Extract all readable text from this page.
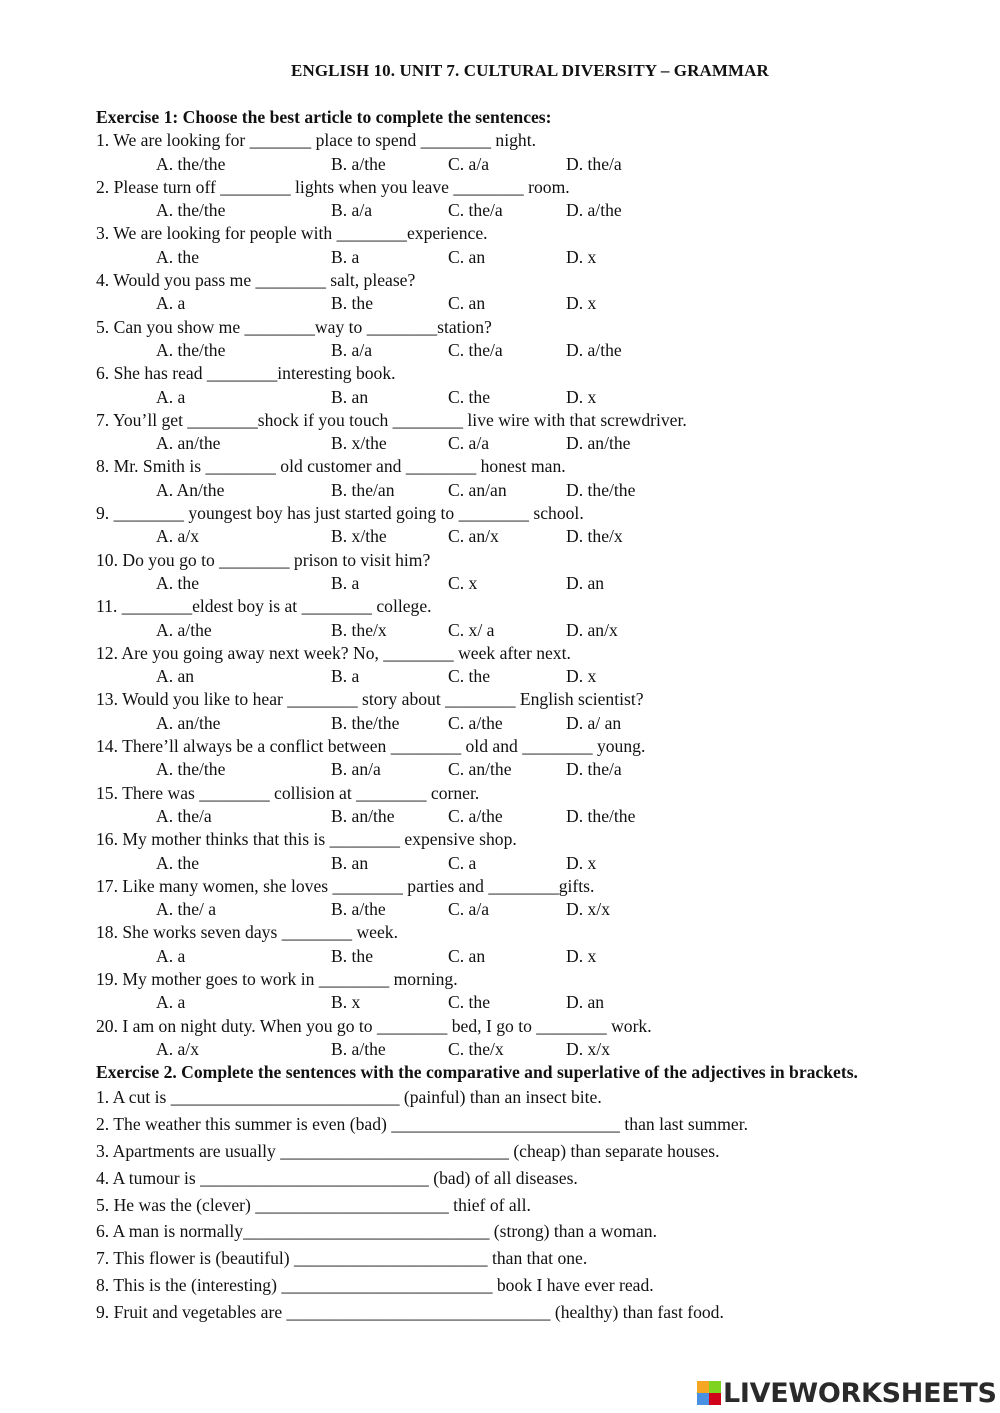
ENGLISH 10. UNIT 7. CULTURAL DIVERSITY – GRAMMAR
Exercise 1: Choose the best article to complete the sentences:
1. We are looking for _______ place to spend ________ night.
A. the/the	B. a/the	C. a/a	D. the/a
2. Please turn off ________ lights when you leave ________ room.
A. the/the	B. a/a	C. the/a	D. a/the
3. We are looking for people with ________experience.
A. the	B. a	C. an	D. x
4. Would you pass me ________ salt, please?
A. a	B. the	C. an	D. x
5. Can you show me ________way to ________station?
A. the/the	B. a/a	C. the/a	D. a/the
6. She has read ________interesting book.
A. a	B. an	C. the	D. x
7. You’ll get ________shock if you touch ________ live wire with that screwdriver.
A. an/the	B. x/the	C. a/a	D. an/the
8. Mr. Smith is ________ old customer and ________ honest man.
A. An/the	B. the/an	C. an/an	D. the/the
9. ________ youngest boy has just started going to ________ school.
A. a/x	B. x/the	C. an/x	D. the/x
10. Do you go to ________ prison to visit him?
A. the	B. a	C. x	D. an
11. ________eldest boy is at ________ college.
A. a/the	B. the/x	C. x/ a	D. an/x
12. Are you going away next week? No, ________ week after next.
A. an	B. a	C. the	D. x
13. Would you like to hear ________ story about ________ English scientist?
A. an/the	B. the/the	C. a/the	D. a/ an
14. There’ll always be a conflict between ________ old and ________ young.
A. the/the	B. an/a	C. an/the	D. the/a
15. There was ________ collision at ________ corner.
A. the/a	B. an/the	C. a/the	D. the/the
16. My mother thinks that this is ________ expensive shop.
A. the	B. an	C. a	D. x
17. Like many women, she loves ________ parties and ________gifts.
A. the/ a	B. a/the	C. a/a	D. x/x
18. She works seven days ________ week.
A. a	B. the	C. an	D. x
19. My mother goes to work in ________ morning.
A. a	B. x	C. the	D. an
20. I am on night duty. When you go to ________ bed, I go to ________ work.
A. a/x	B. a/the	C. the/x	D. x/x
Exercise 2. Complete the sentences with the comparative and superlative of the adjectives in brackets.
1. A cut is __________________________ (painful) than an insect bite.
2. The weather this summer is even (bad) __________________________ than last summer.
3. Apartments are usually __________________________ (cheap) than separate houses.
4. A tumour is __________________________ (bad) of all diseases.
5. He was the (clever) ______________________ thief of all.
6. A man is normally____________________________ (strong) than a woman.
7. This flower is (beautiful) ______________________ than that one.
8. This is the (interesting) ________________________ book I have ever read.
9. Fruit and vegetables are ______________________________ (healthy) than fast food.
LIVEWORKSHEETS
